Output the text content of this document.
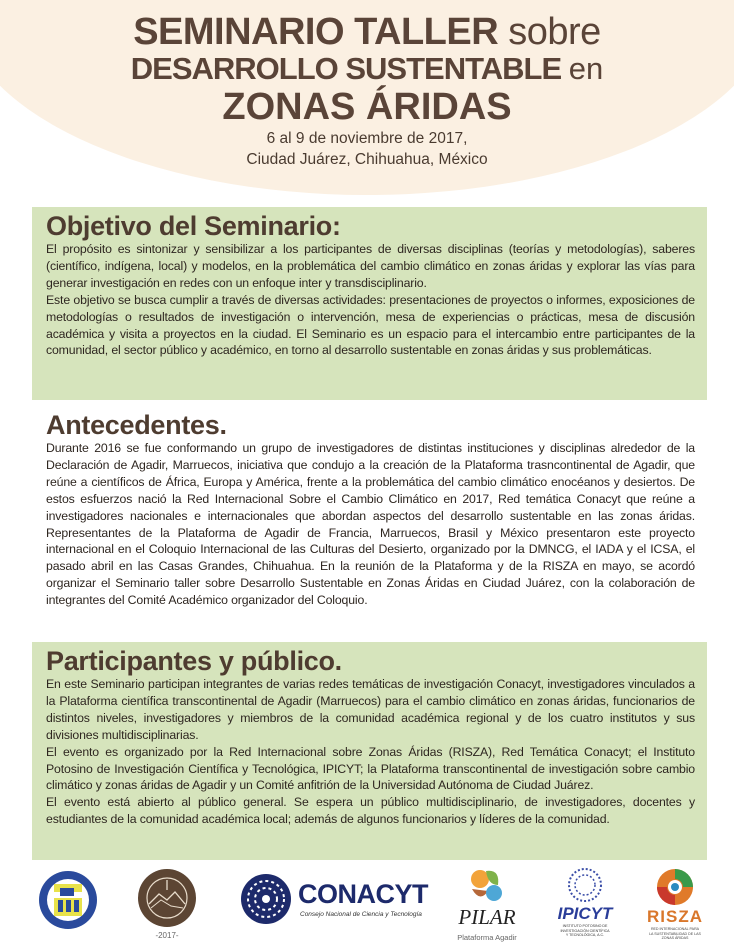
SEMINARIO TALLER sobre
DESARROLLO SUSTENTABLE en
ZONAS ÁRIDAS
6 al 9 de noviembre de 2017,
Ciudad Juárez, Chihuahua, México
Objetivo del Seminario:

El propósito es sintonizar y sensibilizar a los participantes de diversas disciplinas (teorías y metodologías), saberes (científico, indígena, local) y modelos, en la problemática del cambio climático en zonas áridas y explorar las vías para generar investigación en redes con un enfoque inter y transdisciplinario.

Este objetivo se busca cumplir a través de diversas actividades: presentaciones de proyectos o informes, exposiciones de metodologías o resultados de investigación o intervención, mesa de experiencias o prácticas, mesa de discusión académica y visita a proyectos en la ciudad. El Seminario es un espacio para el intercambio entre participantes de la comunidad, el sector público y académico, en torno al desarrollo sustentable en zonas áridas y sus problemáticas.

Antecedentes.

Durante 2016 se fue conformando un grupo de investigadores de distintas instituciones y disciplinas alrededor de la Declaración de Agadir, Marruecos, iniciativa que condujo a la creación de la Plataforma trasncontinental de Agadir, que reúne a científicos de África, Europa y América, frente a la problemática del cambio climático enocéanos y desiertos. De estos esfuerzos nació la Red Internacional Sobre el Cambio Climático en 2017, Red temática Conacyt que reúne a investigadores nacionales e internacionales que abordan aspectos del desarrollo sustentable en las zonas áridas. Representantes de la Plataforma de Agadir de Francia, Marruecos, Brasil y México presentaron este proyecto internacional en el Coloquio Internacional de las Culturas del Desierto, organizado por la DMNCG, el IADA y el ICSA, el pasado abril en las Casas Grandes, Chihuahua. En la reunión de la Plataforma y de la RISZA en mayo, se acordó organizar el Seminario taller sobre Desarrollo Sustentable en Zonas Áridas en Ciudad Juárez, con la colaboración de integrantes del Comité Académico organizador del Coloquio.

Participantes y público.

En este Seminario participan integrantes de varias redes temáticas de investigación Conacyt, investigadores vinculados a la Plataforma científica transcontinental de Agadir (Marruecos) para el cambio climático en zonas áridas, funcionarios de distintos niveles, investigadores y miembros de la comunidad académica regional y de los cuatro institutos y sus divisiones multidisciplinarias.

El evento es organizado por la Red Internacional sobre Zonas Áridas (RISZA), Red Temática Conacyt; el Instituto Potosino de Investigación Científica y Tecnológica, IPICYT; la Plataforma transcontinental de investigación sobre cambio climático y zonas áridas de Agadir y un Comité anfitrión de la Universidad Autónoma de Ciudad Juárez.

El evento está abierto al público general. Se espera un público multidisciplinario, de investigadores, docentes y estudiantes de la comunidad académica local; además de algunos funcionarios y líderes de la comunidad.

-2017-
CONACYT
Consejo Nacional de Ciencia y Tecnología	PILAR
Plataforma Agadir
IPICYT
INSTITUTO POTOSINO DE
INVESTIGACIÓN CIENTÍFICA
Y TECNOLÓGICA, A.C.
RISZA
RED INTERNACIONAL PARA
LA SUSTENTABILIDAD DE LAS
ZONAS ÁRIDAS
